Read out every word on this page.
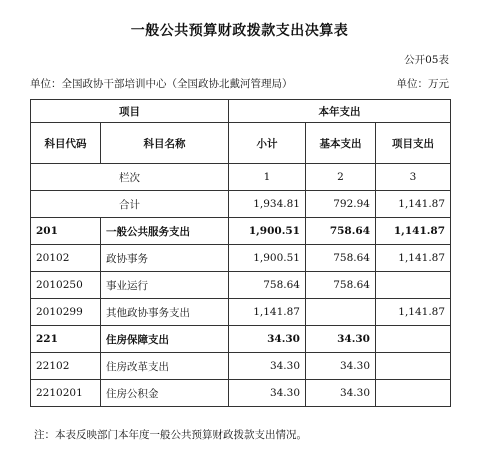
一般公共预算财政拨款支出决算表
公开05表
单位：全国政协干部培训中心（全国政协北戴河管理局）	单位：万元
项目		本年支出		
科目代码	科目名称	小计	基本支出	项目支出
栏次		1	2	3
合计		1,934.81	792.94	1,141.87
201	一般公共服务支出	1,900.51	758.64	1,141.87
20102	政协事务	1,900.51	758.64	1,141.87
2010250	事业运行	758.64	758.64	
2010299	其他政协事务支出	1,141.87		1,141.87
221	住房保障支出	34.30	34.30	
22102	住房改革支出	34.30	34.30	
2210201	住房公积金	34.30	34.30	
注：本表反映部门本年度一般公共预算财政拨款支出情况。
